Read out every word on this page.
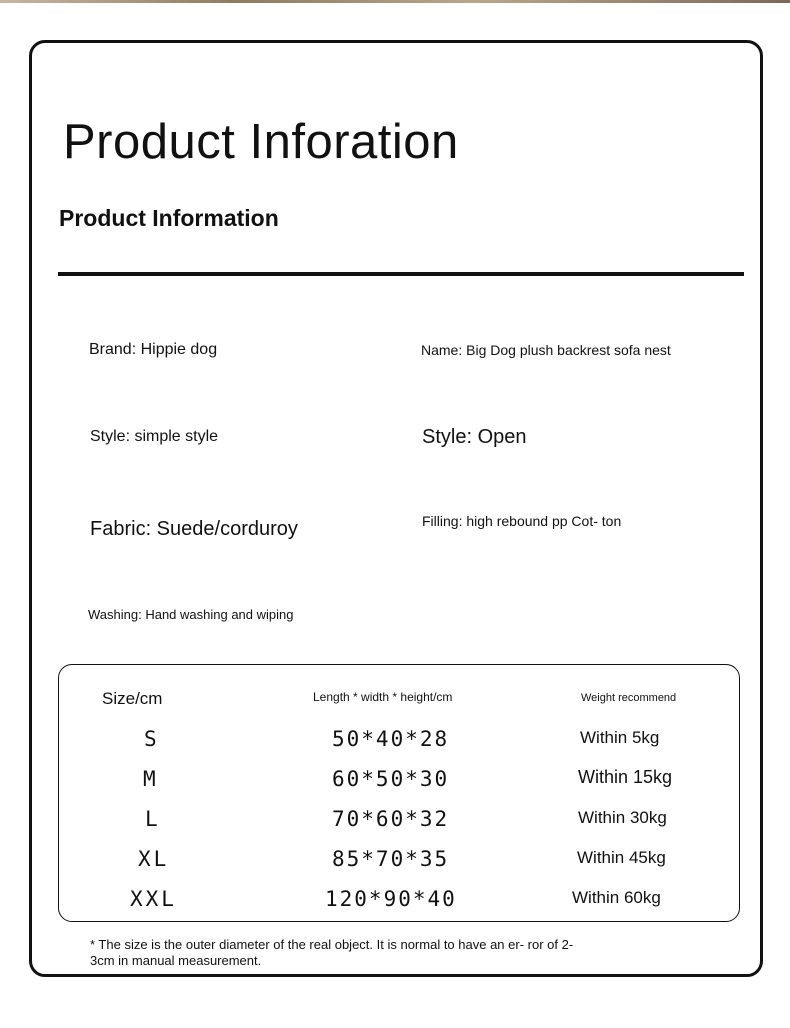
Product Inforation
Product Information

Brand: Hippie dog	Name: Big Dog plush backrest sofa nest

Style: simple style	Style: Open

Fabric: Suede/corduroy	Filling: high rebound pp Cot- ton

Washing: Hand washing and wiping

Size/cm	Length * width * height/cm	Weight recommend

S	50*40*28	Within 5kg

M	60*50*30	Within 15kg

L	70*60*32	Within 30kg

XL	85*70*35	Within 45kg

XXL	120*90*40	Within 60kg

* The size is the outer diameter of the real object. It is normal to have an er- ror of 2-3cm in manual measurement.
